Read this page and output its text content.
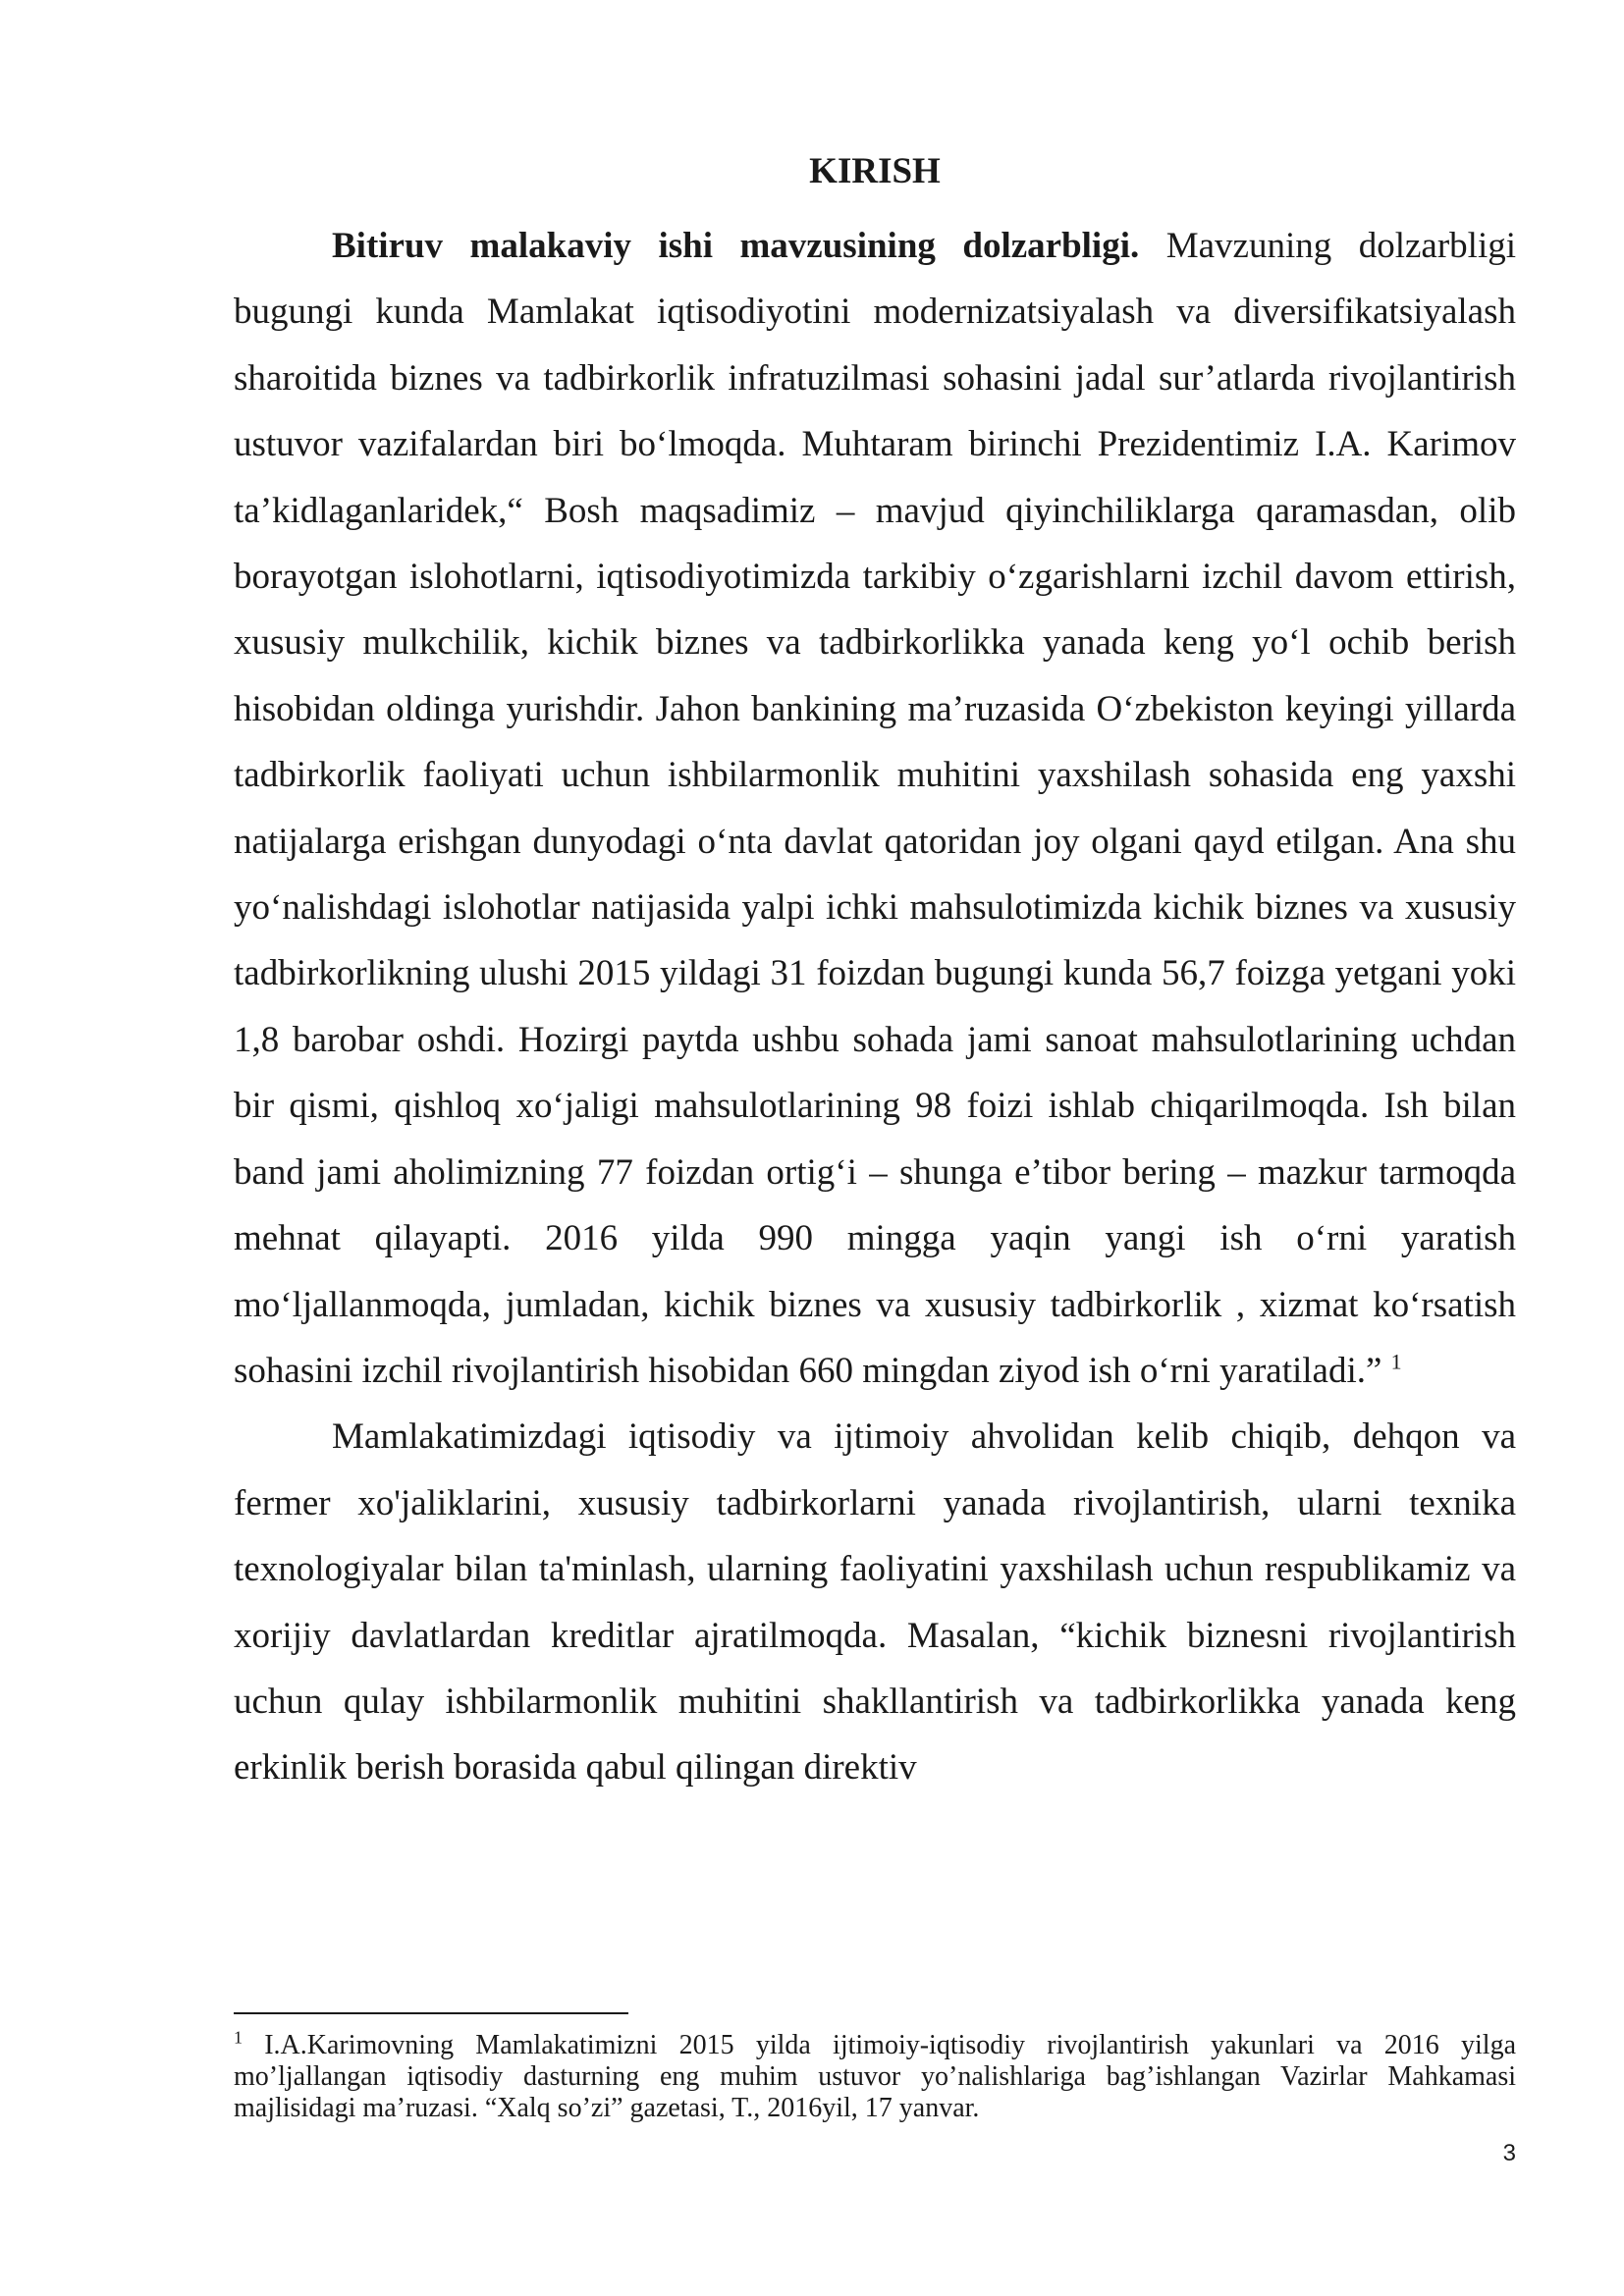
KIRISH

Bitiruv malakaviy ishi mavzusining dolzarbligi. Mavzuning dolzarbligi bugungi kunda Mamlakat iqtisodiyotini modernizatsiyalash va diversifikatsiyalash sharoitida biznes va tadbirkorlik infratuzilmasi sohasini jadal sur’atlarda rivojlantirish ustuvor vazifalardan biri bo‘lmoqda. Muhtaram birinchi Prezidentimiz I.A. Karimov ta’kidlaganlaridek,“ Bosh maqsadimiz – mavjud qiyinchiliklarga qaramasdan, olib borayotgan islohotlarni, iqtisodiyotimizda tarkibiy o‘zgarishlarni izchil davom ettirish, xususiy mulkchilik, kichik biznes va tadbirkorlikka yanada keng yo‘l ochib berish hisobidan oldinga yurishdir. Jahon bankining ma’ruzasida O‘zbekiston keyingi yillarda tadbirkorlik faoliyati uchun ishbilarmonlik muhitini yaxshilash sohasida eng yaxshi natijalarga erishgan dunyodagi o‘nta davlat qatoridan joy olgani qayd etilgan. Ana shu yo‘nalishdagi islohotlar natijasida yalpi ichki mahsulotimizda kichik biznes va xususiy tadbirkorlikning ulushi 2015 yildagi 31 foizdan bugungi kunda 56,7 foizga yetgani yoki 1,8 barobar oshdi. Hozirgi paytda ushbu sohada jami sanoat mahsulotlarining uchdan bir qismi, qishloq xo‘jaligi mahsulotlarining 98 foizi ishlab chiqarilmoqda. Ish bilan band jami aholimizning 77 foizdan ortig‘i – shunga e’tibor bering – mazkur tarmoqda mehnat qilayapti. 2016 yilda 990 mingga yaqin yangi ish o‘rni yaratish mo‘ljallanmoqda, jumladan, kichik biznes va xususiy tadbirkorlik , xizmat ko‘rsatish sohasini izchil rivojlantirish hisobidan 660 mingdan ziyod ish o‘rni yaratiladi.” $^1$

Mamlakatimizdagi iqtisodiy va ijtimoiy ahvolidan kelib chiqib, dehqon va fermer xo'jaliklarini, xususiy tadbirkorlarni yanada rivojlantirish, ularni texnika texnologiyalar bilan ta'minlash, ularning faoliyatini yaxshilash uchun respublikamiz va xorijiy davlatlardan kreditlar ajratilmoqda. Masalan, “kichik biznesni rivojlantirish uchun qulay ishbilarmonlik muhitini shakllantirish va tadbirkorlikka yanada keng erkinlik berish borasida qabul qilingan direktiv

$^1$ I.A.Karimovning Mamlakatimizni 2015 yilda ijtimoiy-iqtisodiy rivojlantirish yakunlari va 2016 yilga mo’ljallangan iqtisodiy dasturning eng muhim ustuvor yo’nalishlariga bag’ishlangan Vazirlar Mahkamasi majlisidagi ma’ruzasi. “Xalq so’zi” gazetasi, T., 2016yil, 17 yanvar.

3
